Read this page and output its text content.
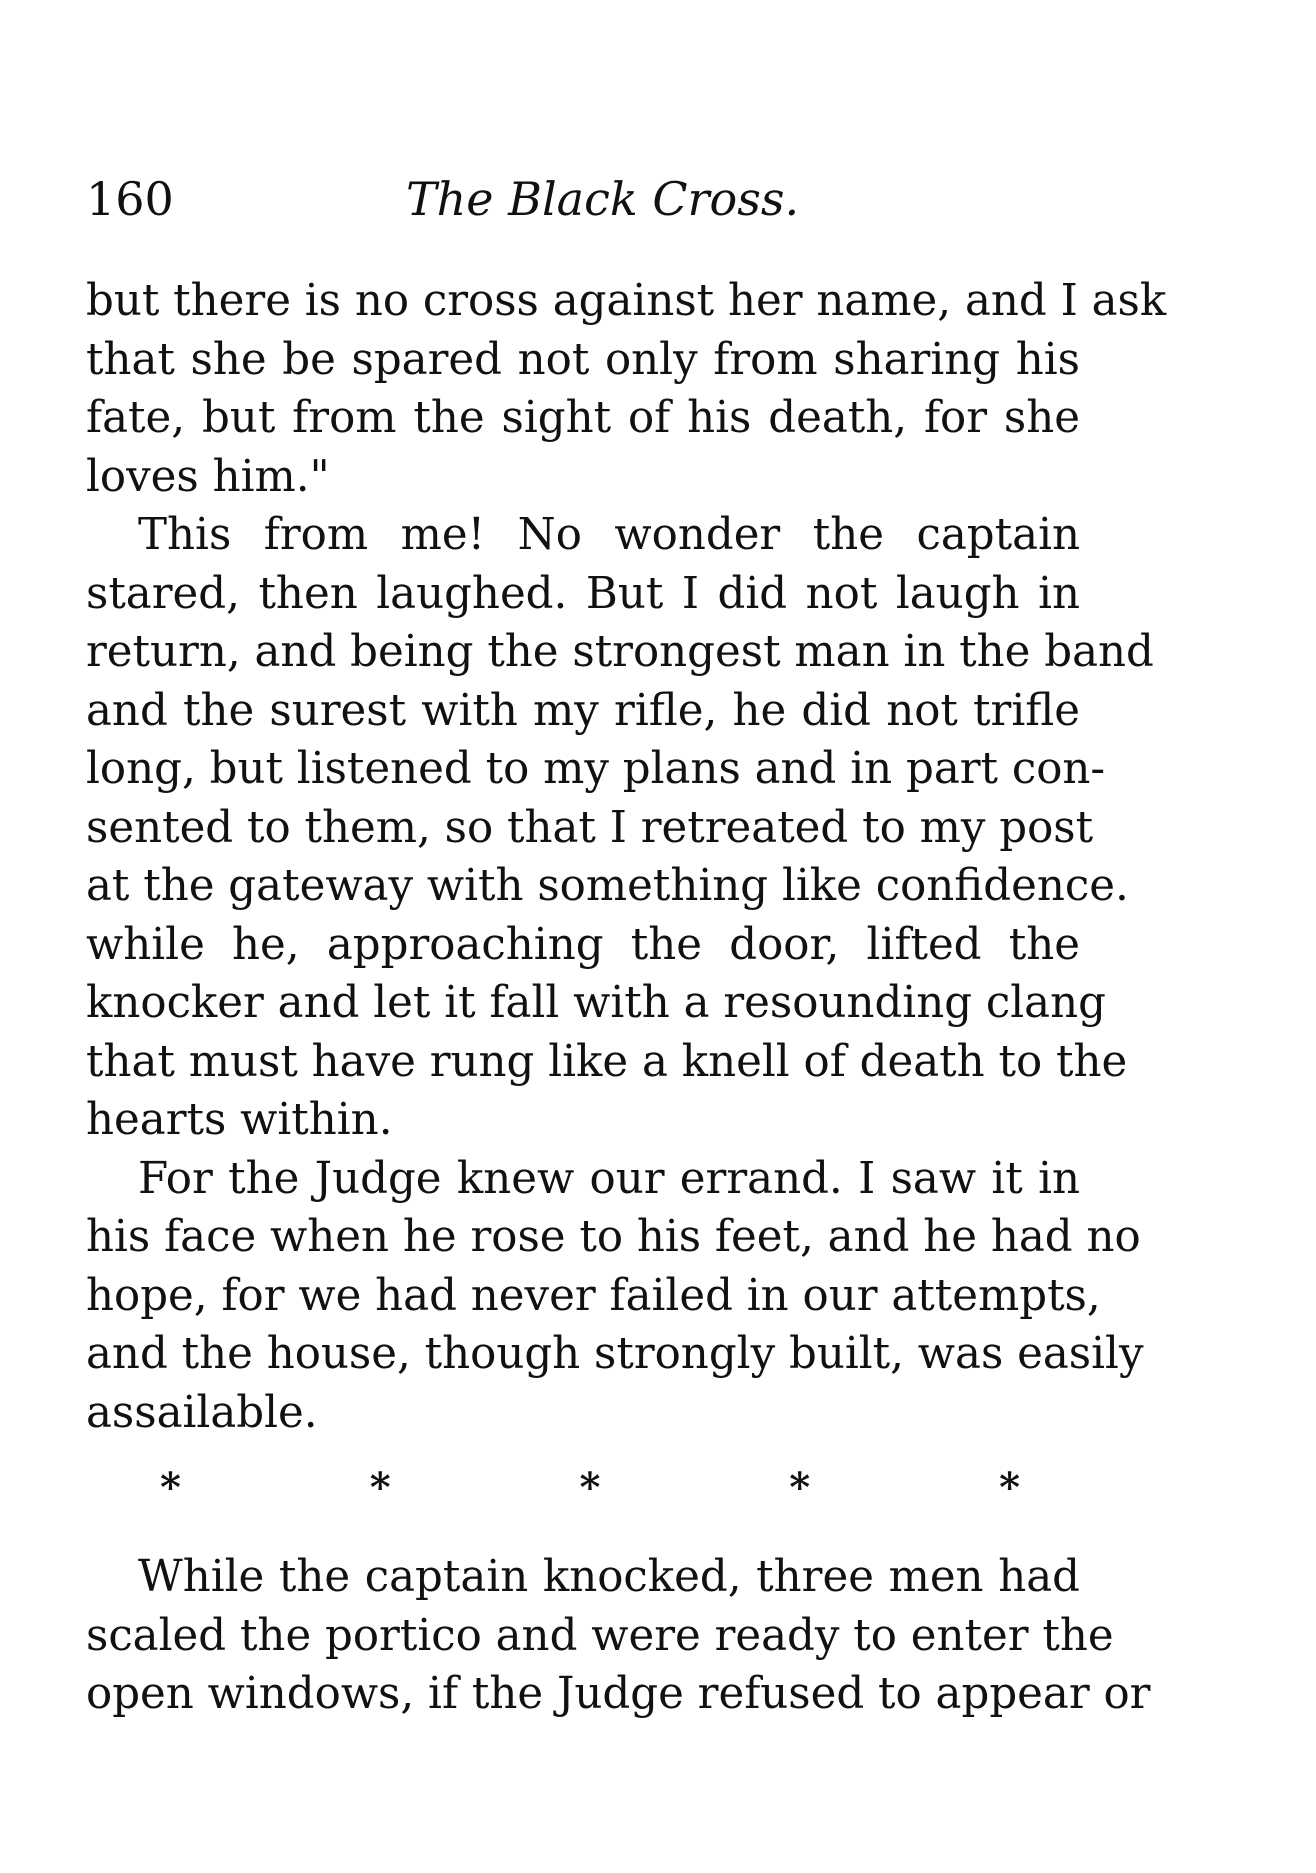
160	The Black Cross.
but there is no cross against her name, and I ask
that she be spared not only from sharing his
fate, but from the sight of his death, for she
loves him."
This from me! No wonder the captain
stared, then laughed. But I did not laugh in
return, and being the strongest man in the band
and the surest with my rifle, he did not trifle
long, but listened to my plans and in part con-
sented to them, so that I retreated to my post
at the gateway with something like confidence.
while he, approaching the door, lifted the
knocker and let it fall with a resounding clang
that must have rung like a knell of death to the
hearts within.
For the Judge knew our errand. I saw it in
his face when he rose to his feet, and he had no
hope, for we had never failed in our attempts,
and the house, though strongly built, was easily
assailable.
*	*	*	*	*
While the captain knocked, three men had
scaled the portico and were ready to enter the
open windows, if the Judge refused to appear or
